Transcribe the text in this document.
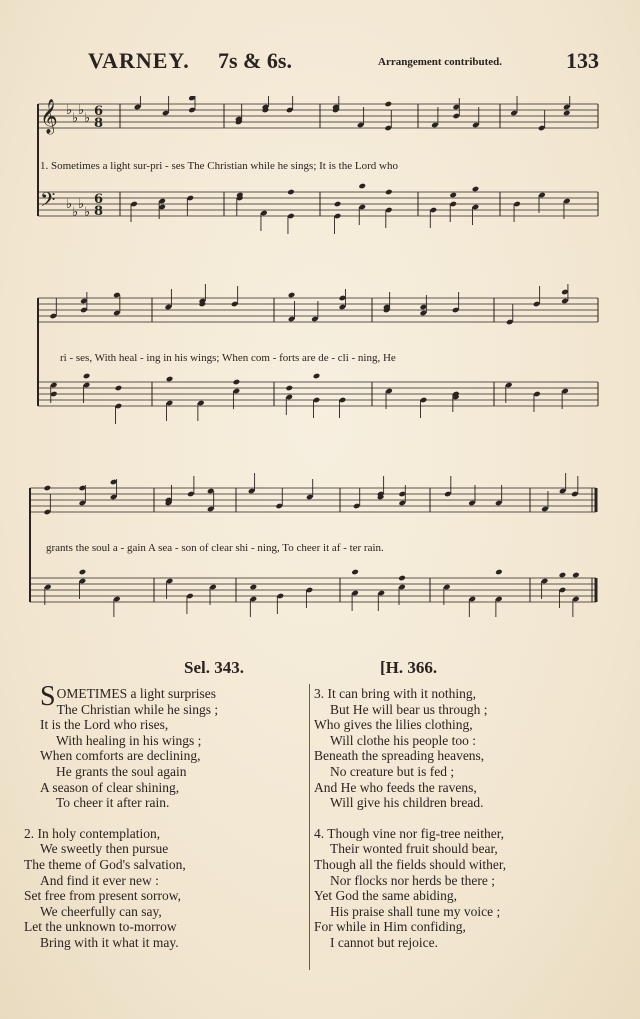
VARNEY. 7s & 6s.	Arrangement contributed.	133
𝄞
𝄢
♭
♭
♭
♭
♭
♭
♭
♭
6
8
6
8
1. Sometimes a light sur-pri - ses The Christian while he sings; It is the Lord who
ri - ses, With heal - ing in his wings; When com - forts are de - cli - ning, He
grants the soul a - gain A sea - son of clear shi - ning, To cheer it af - ter rain.
Sel. 343.	[H. 366.
SOMETIMES a light surprises
The Christian while he sings ;
It is the Lord who rises,
With healing in his wings ;
When comforts are declining,
He grants the soul again
A season of clear shining,
To cheer it after rain.
2. In holy contemplation,
We sweetly then pursue
The theme of God's salvation,
And find it ever new :
Set free from present sorrow,
We cheerfully can say,
Let the unknown to-morrow
Bring with it what it may.
3. It can bring with it nothing,
But He will bear us through ;
Who gives the lilies clothing,
Will clothe his people too :
Beneath the spreading heavens,
No creature but is fed ;
And He who feeds the ravens,
Will give his children bread.
4. Though vine nor fig-tree neither,
Their wonted fruit should bear,
Though all the fields should wither,
Nor flocks nor herds be there ;
Yet God the same abiding,
His praise shall tune my voice ;
For while in Him confiding,
I cannot but rejoice.
